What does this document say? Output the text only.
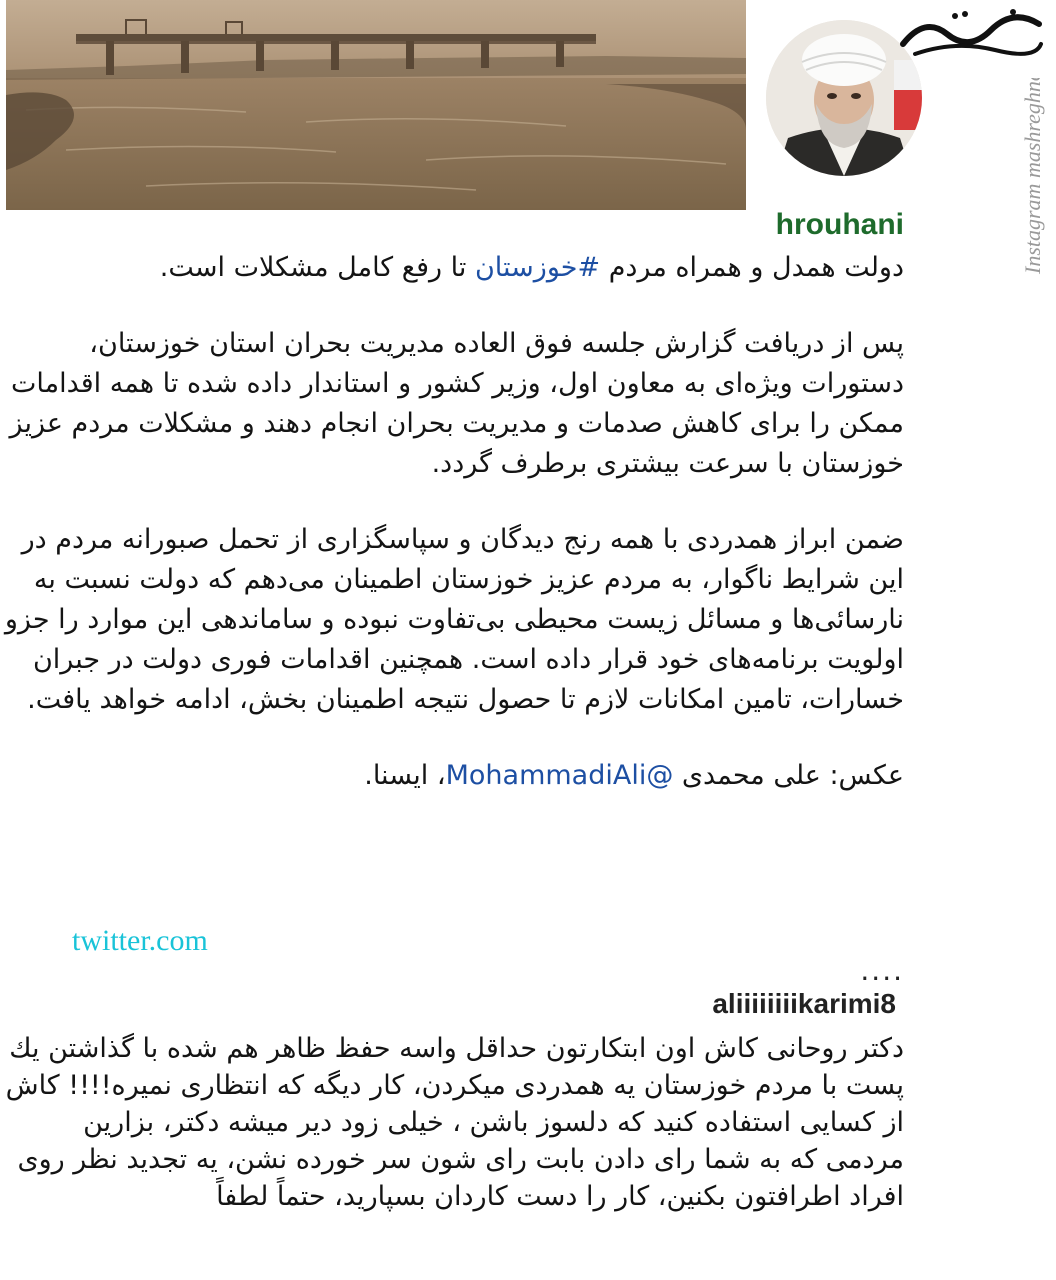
Instagram mashreghnews
hrouhani

دولت همدل و همراه مردم #خوزستان تا رفع کامل مشکلات است.

پس از دریافت گزارش جلسه فوق العاده مدیریت بحران استان خوزستان، دستورات ویژه‌ای به معاون اول، وزیر کشور و استاندار داده شده تا همه اقدامات ممکن را برای کاهش صدمات و مدیریت بحران انجام دهند و مشکلات مردم عزیز خوزستان با سرعت بیشتری برطرف گردد.

ضمن ابراز همدردی با همه رنج دیدگان و سپاسگزاری از تحمل صبورانه مردم در این شرایط ناگوار، به مردم عزیز خوزستان اطمینان می‌دهم که دولت نسبت به نارسائی‌ها و مسائل زیست محیطی بی‌تفاوت نبوده و ساماندهی این موارد را جزو اولویت برنامه‌های خود قرار داده است. همچنین اقدامات فوری دولت در جبران خسارات، تامین امکانات لازم تا حصول نتیجه اطمینان بخش، ادامه خواهد یافت.

عکس: علی محمدی @MohammadiAli، ایسنا.

twitter.com
....
aliiiiiiiikarimi8
دکتر روحانی کاش اون ابتکارتون حداقل واسه حفظ ظاهر هم شده با گذاشتن یك پست با مردم خوزستان یه همدردی میکردن، کار دیگه که انتظاری نمیره!!!! کاش از کسایی استفاده کنید که دلسوز باشن ، خیلی زود دیر میشه دکتر، بزارین مردمی که به شما رای دادن بابت رای شون سر خورده نشن، یه تجدید نظر روی افراد اطرافتون بکنین، کار را دست کاردان بسپارید، حتماً لطفاً
